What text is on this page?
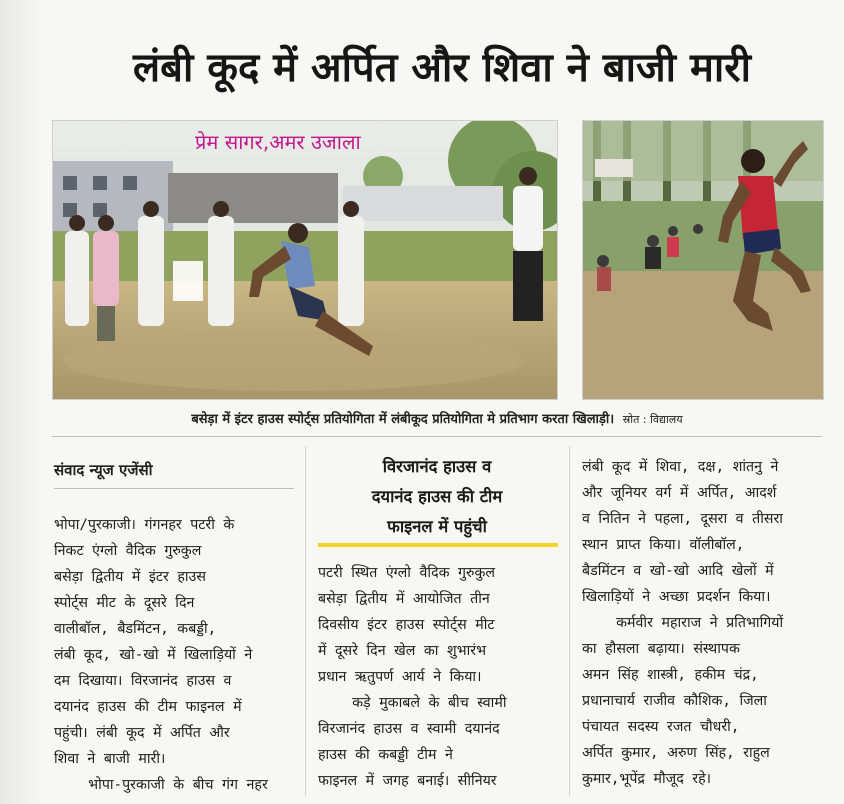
लंबी कूद में अर्पित और शिवा ने बाजी मारी
प्रेम सागर,अमर उजाला
बसेड़ा में इंटर हाउस स्पोर्ट्स प्रतियोगिता में लंबीकूद प्रतियोगिता मे प्रतिभाग करता खिलाड़ी। स्रोत : विद्यालय
संवाद न्यूज एजेंसी	विरजानंद हाउस व
दयानंद हाउस की टीम
फाइनल में पहुंची
भोपा/पुरकाजी। गंगनहर पटरी के
निकट एंग्लो वैदिक गुरुकुल
बसेड़ा द्वितीय में इंटर हाउस
स्पोर्ट्स मीट के दूसरे दिन
वालीबॉल, बैडमिंटन, कबड्डी,
लंबी कूद, खो-खो में खिलाड़ियों ने
दम दिखाया। विरजानंद हाउस व
दयानंद हाउस की टीम फाइनल में
पहुंची। लंबी कूद में अर्पित और
शिवा ने बाजी मारी।
भोपा-पुरकाजी के बीच गंग नहर
पटरी स्थित एंग्लो वैदिक गुरुकुल
बसेड़ा द्वितीय में आयोजित तीन
दिवसीय इंटर हाउस स्पोर्ट्स मीट
में दूसरे दिन खेल का शुभारंभ
प्रधान ऋतुपर्ण आर्य ने किया।
कड़े मुकाबले के बीच स्वामी
विरजानंद हाउस व स्वामी दयानंद
हाउस की कबड्डी टीम ने
फाइनल में जगह बनाई। सीनियर
लंबी कूद में शिवा, दक्ष, शांतनु ने
और जूनियर वर्ग में अर्पित, आदर्श
व नितिन ने पहला, दूसरा व तीसरा
स्थान प्राप्त किया। वॉलीबॉल,
बैडमिंटन व खो-खो आदि खेलों में
खिलाड़ियों ने अच्छा प्रदर्शन किया।
कर्मवीर महाराज ने प्रतिभागियों
का हौसला बढ़ाया। संस्थापक
अमन सिंह शास्त्री, हकीम चंद्र,
प्रधानाचार्य राजीव कौशिक, जिला
पंचायत सदस्य रजत चौधरी,
अर्पित कुमार, अरुण सिंह, राहुल
कुमार,भूपेंद्र मौजूद रहे।
